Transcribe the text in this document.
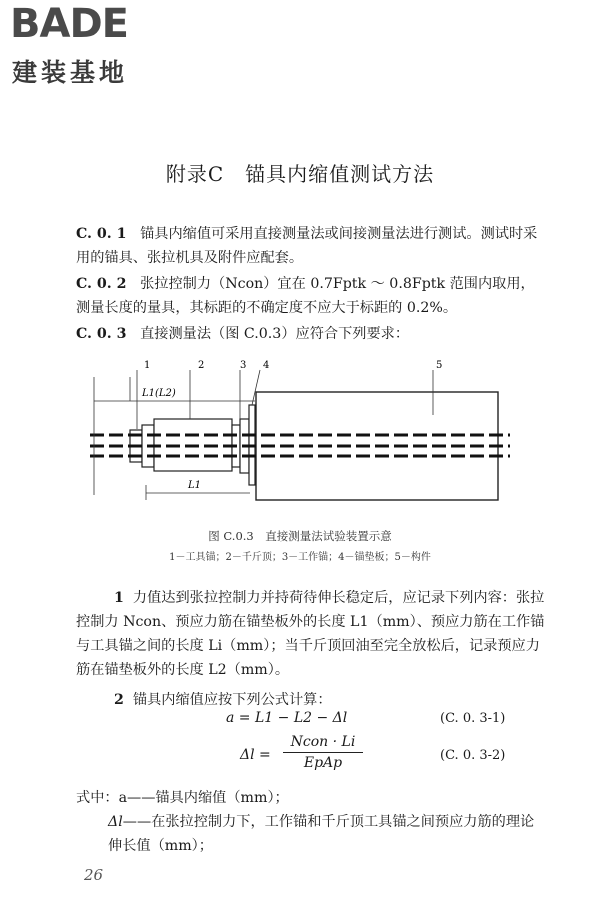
BADE
建装基地
附录C　锚具内缩值测试方法
C. 0. 1 锚具内缩值可采用直接测量法或间接测量法进行测试。测试时采用的锚具、张拉机具及附件应配套。
C. 0. 2 张拉控制力（Ncon）宜在 0.7Fptk ～ 0.8Fptk 范围内取用，测量长度的量具，其标距的不确定度不应大于标距的 0.2%。
C. 0. 3 直接测量法（图 C.0.3）应符合下列要求：
1	2	3 4	5
L1(L2)
L1
图 C.0.3　直接测量法试验装置示意
1－工具锚；2－千斤顶；3－工作锚；4－锚垫板；5－构件
1 力值达到张拉控制力并持荷待伸长稳定后，应记录下列内容：张拉控制力 Ncon、预应力筋在锚垫板外的长度 L1（mm）、预应力筋在工作锚与工具锚之间的长度 Li（mm）；当千斤顶回油至完全放松后，记录预应力筋在锚垫板外的长度 L2（mm）。
2 锚具内缩值应按下列公式计算：
a = L1 − L2 − Δl	(C. 0. 3-1)
Δl =
Ncon · Li
EpAp	(C. 0. 3-2)
式中：a——锚具内缩值（mm）；
Δl——在张拉控制力下，工作锚和千斤顶工具锚之间预应力筋的理论伸长值（mm）；
26
